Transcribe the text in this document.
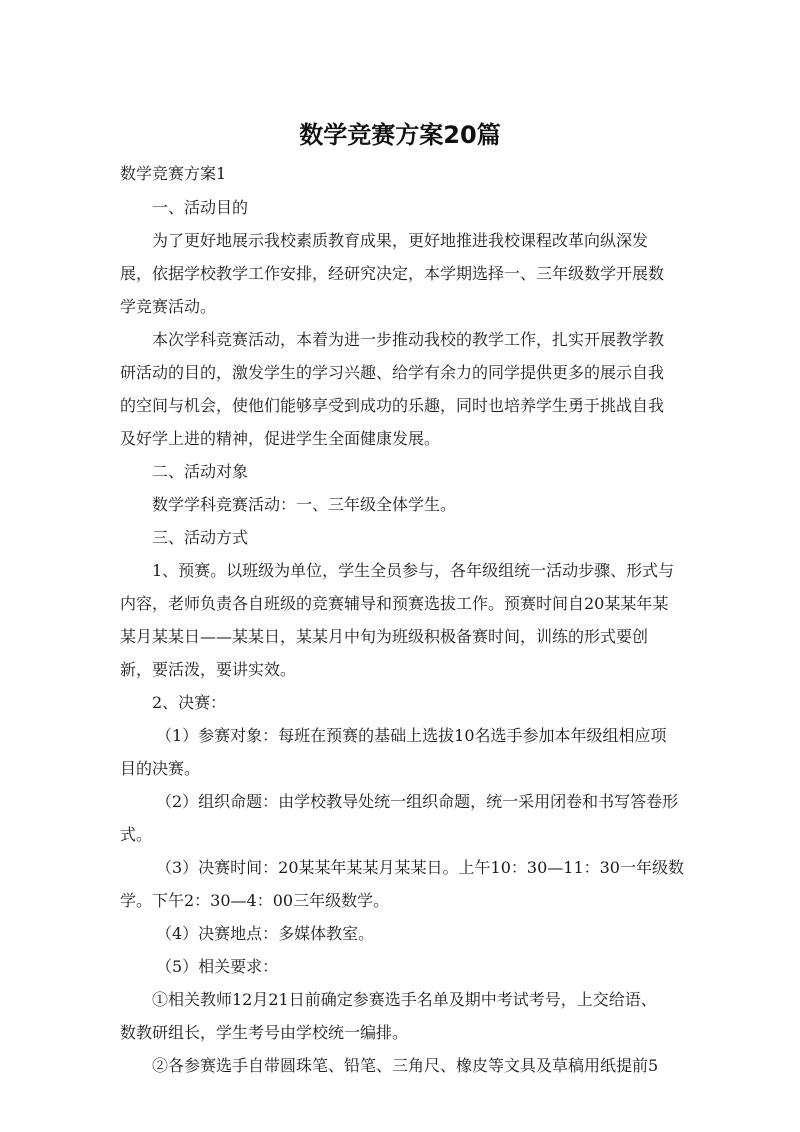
数学竞赛方案20篇
数学竞赛方案1
一、活动目的
为了更好地展示我校素质教育成果，更好地推进我校课程改革向纵深发
展，依据学校教学工作安排，经研究决定，本学期选择一、三年级数学开展数
学竞赛活动。
本次学科竞赛活动，本着为进一步推动我校的教学工作，扎实开展教学教
研活动的目的，激发学生的学习兴趣、给学有余力的同学提供更多的展示自我
的空间与机会，使他们能够享受到成功的乐趣，同时也培养学生勇于挑战自我
及好学上进的精神，促进学生全面健康发展。
二、活动对象
数学学科竞赛活动：一、三年级全体学生。
三、活动方式
1、预赛。以班级为单位，学生全员参与，各年级组统一活动步骤、形式与
内容，老师负责各自班级的竞赛辅导和预赛选拔工作。预赛时间自20某某年某
某月某某日——某某日，某某月中旬为班级积极备赛时间，训练的形式要创
新，要活泼，要讲实效。
2、决赛：
（1）参赛对象：每班在预赛的基础上选拔10名选手参加本年级组相应项
目的决赛。
（2）组织命题：由学校教导处统一组织命题，统一采用闭卷和书写答卷形
式。
（3）决赛时间：20某某年某某月某某日。上午10：30—11：30一年级数
学。下午2：30—4：00三年级数学。
（4）决赛地点：多媒体教室。
（5）相关要求：
①相关教师12月21日前确定参赛选手名单及期中考试考号，上交给语、
数教研组长，学生考号由学校统一编排。
②各参赛选手自带圆珠笔、铅笔、三角尺、橡皮等文具及草稿用纸提前5
